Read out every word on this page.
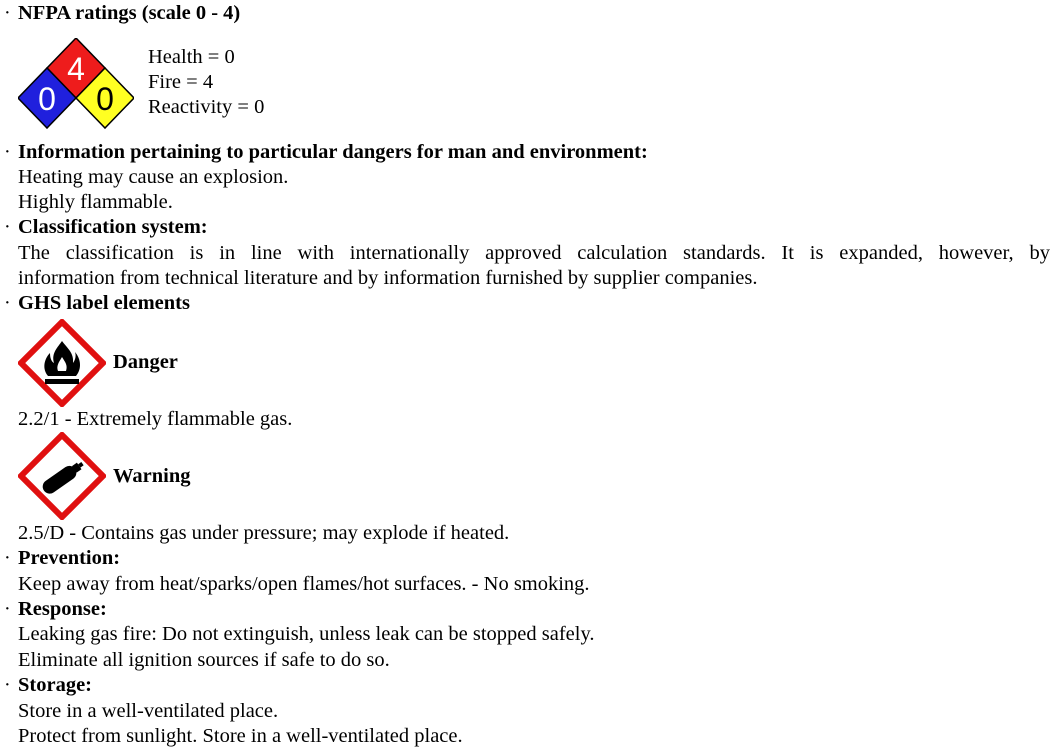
· NFPA ratings (scale 0 - 4)
4
0 0
Health = 0
Fire = 4
Reactivity = 0
· Information pertaining to particular dangers for man and environment:
Heating may cause an explosion.
Highly flammable.
· Classification system:
The classification is in line with internationally approved calculation standards. It is expanded, however, by
information from technical literature and by information furnished by supplier companies.
· GHS label elements
Danger
2.2/1 - Extremely flammable gas.
Warning
2.5/D - Contains gas under pressure; may explode if heated.
· Prevention:
Keep away from heat/sparks/open flames/hot surfaces. - No smoking.
· Response:
Leaking gas fire: Do not extinguish, unless leak can be stopped safely.
Eliminate all ignition sources if safe to do so.
· Storage:
Store in a well-ventilated place.
Protect from sunlight. Store in a well-ventilated place.
